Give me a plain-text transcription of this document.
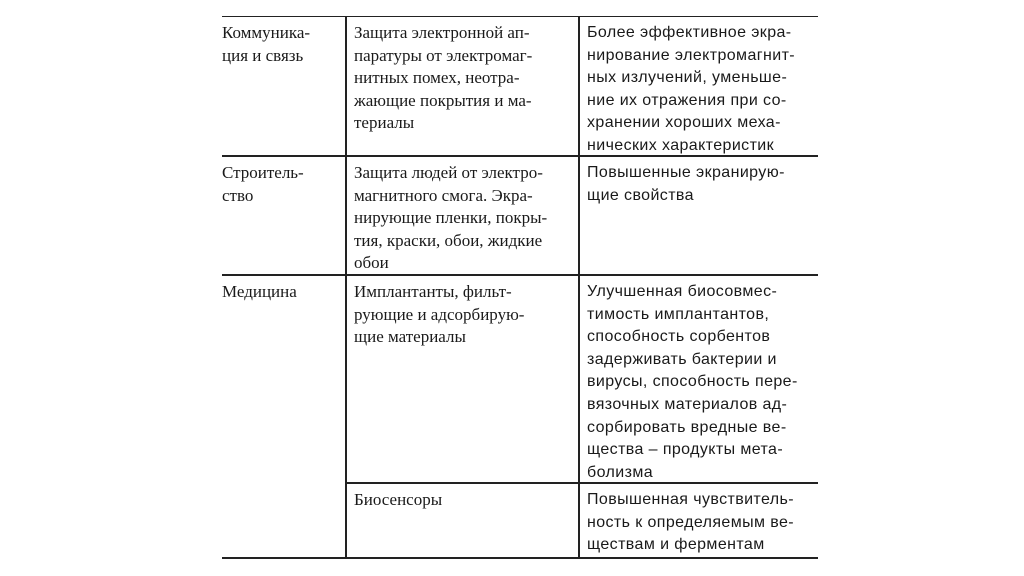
Коммуника-
ция и связь
Защита электронной ап-
паратуры от электромаг-
нитных помех, неотра-
жающие покрытия и ма-
териалы
Более эффективное экра-
нирование электромагнит-
ных излучений, уменьше-
ние их отражения при со-
хранении хороших меха-
нических характеристик
Строитель-
ство
Защита людей от электро-
магнитного смога. Экра-
нирующие пленки, покры-
тия, краски, обои, жидкие
обои
Повышенные экранирую-
щие свойства
Медицина	Имплантанты, фильт-
рующие и адсорбирую-
щие материалы
Улучшенная биосовмес-
тимость имплантантов,
способность сорбентов
задерживать бактерии и
вирусы, способность пере-
вязочных материалов ад-
сорбировать вредные ве-
щества – продукты мета-
болизма
Биосенсоры	Повышенная чувствитель-
ность к определяемым ве-
ществам и ферментам
